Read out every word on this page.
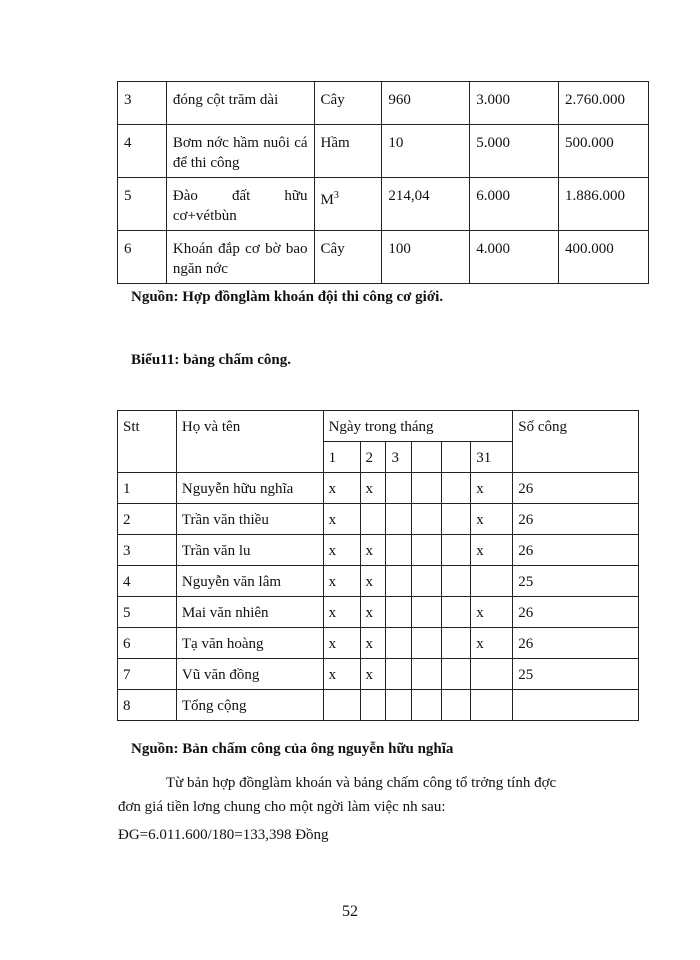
3	đóng cột trăm dài	Cây	960	3.000	2.760.000
4	Bơm nớc hầm nuôi cá để thi công	Hầm	10	5.000	500.000
5	Đào đất hữu cơ+vétbùn	$M^3$	214,04	6.000	1.886.000
6	Khoán đắp cơ bờ bao ngăn nớc	Cây	100	4.000	400.000
Nguồn: Hợp đồnglàm khoán đội thi công cơ giới.
Biểu11: bảng chấm công.
Stt	Họ và tên	Ngày trong tháng						Số công
		1	2	3			31	
1	Nguyễn hữu nghĩa	x	x				x	26
2	Trần văn thiều	x					x	26
3	Trần văn lu	x	x				x	26
4	Nguyễn văn lâm	x	x					25
5	Mai văn nhiên	x	x				x	26
6	Tạ văn hoàng	x	x				x	26
7	Vũ văn đồng	x	x					25
8	Tổng cộng							
Nguồn: Bản chấm công của ông nguyễn hữu nghĩa
Từ bản hợp đồnglàm khoán và bảng chấm công tổ trởng tính đợc
đơn giá tiền lơng chung cho một ngời làm việc nh sau:
ĐG=6.011.600/180=133,398 Đồng
52
